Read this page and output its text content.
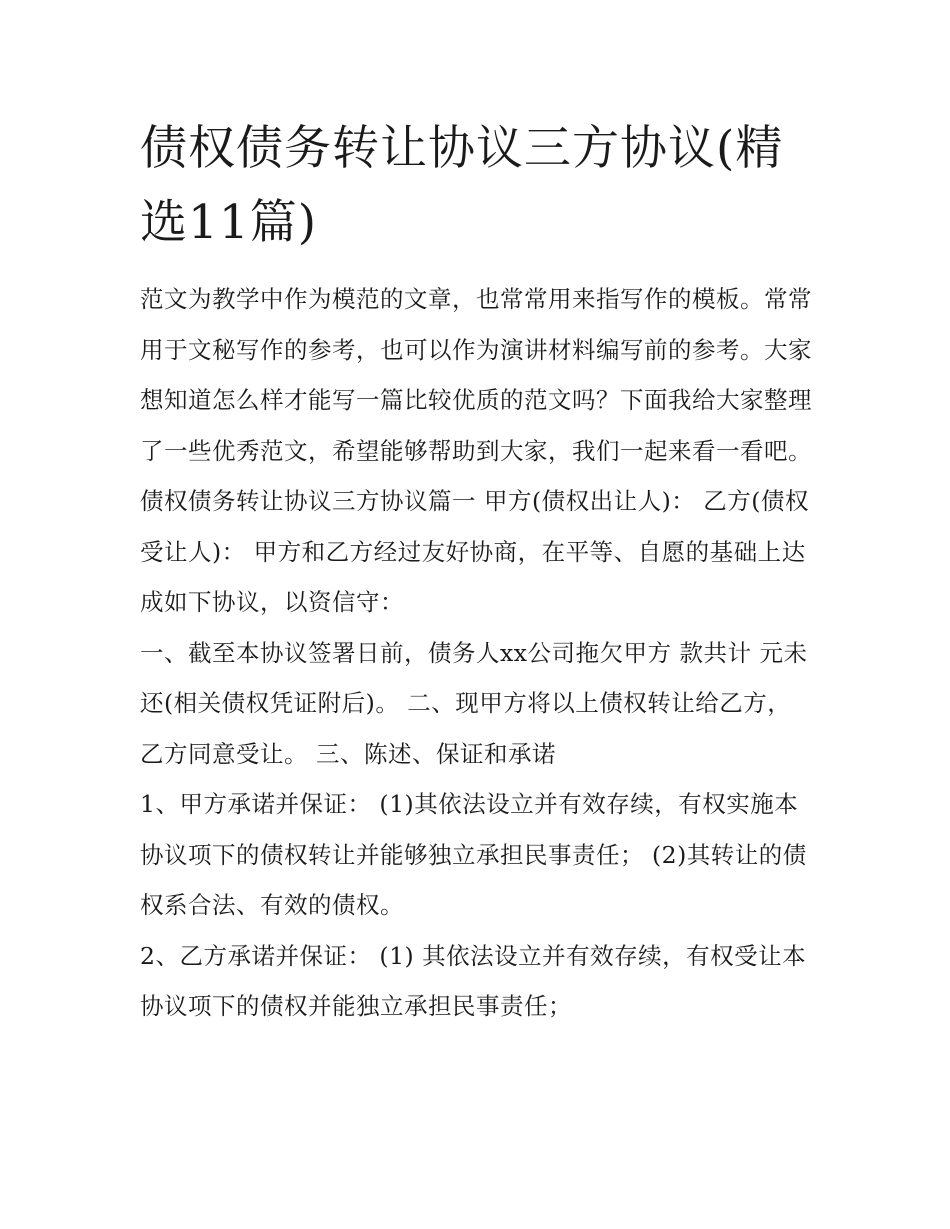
债权债务转让协议三方协议(精选11篇)

范文为教学中作为模范的文章，也常常用来指写作的模板。常常用于文秘写作的参考，也可以作为演讲材料编写前的参考。大家想知道怎么样才能写一篇比较优质的范文吗？下面我给大家整理了一些优秀范文，希望能够帮助到大家，我们一起来看一看吧。

债权债务转让协议三方协议篇一 甲方(债权出让人)： 乙方(债权受让人)： 甲方和乙方经过友好协商，在平等、自愿的基础上达成如下协议，以资信守：

一、截至本协议签署日前，债务人xx公司拖欠甲方 款共计 元未还(相关债权凭证附后)。 二、现甲方将以上债权转让给乙方，乙方同意受让。 三、陈述、保证和承诺

1、甲方承诺并保证： (1)其依法设立并有效存续，有权实施本协议项下的债权转让并能够独立承担民事责任； (2)其转让的债权系合法、有效的债权。

2、乙方承诺并保证： (1) 其依法设立并有效存续，有权受让本协议项下的债权并能独立承担民事责任；
